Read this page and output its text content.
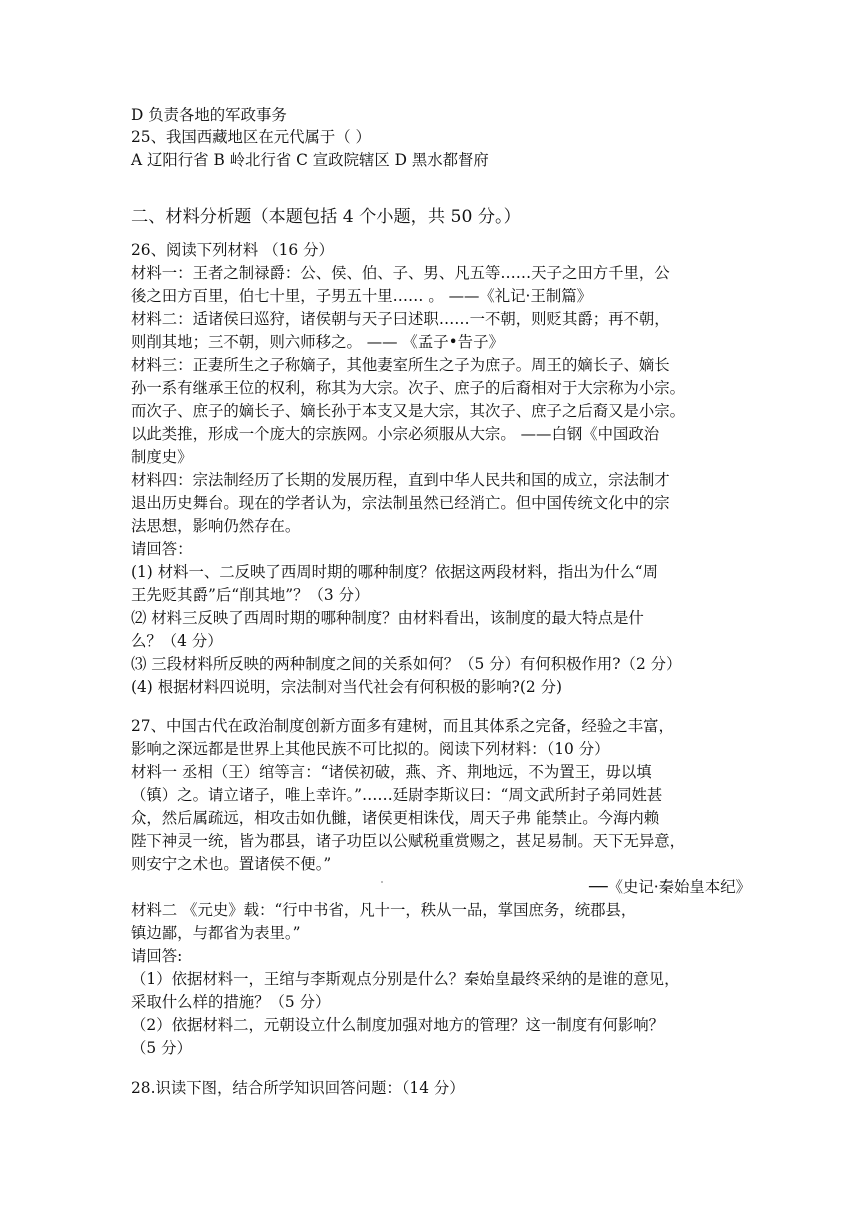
D 负责各地的军政事务
25、我国西藏地区在元代属于（ ）
A 辽阳行省 B 岭北行省 C 宣政院辖区 D 黑水都督府
二、材料分析题（本题包括 4 个小题，共 50 分。）
26、阅读下列材料 （16 分）
材料一：王者之制禄爵：公、侯、伯、子、男、凡五等……天子之田方千里，公
後之田方百里，伯七十里，子男五十里…… 。 ——《礼记·王制篇》
材料二：适诸侯曰巡狩，诸侯朝与天子曰述职……一不朝，则贬其爵；再不朝，
则削其地；三不朝，则六师移之。 —— 《孟子•告子》
材料三：正妻所生之子称嫡子，其他妻室所生之子为庶子。周王的嫡长子、嫡长
孙一系有继承王位的权利，称其为大宗。次子、庶子的后裔相对于大宗称为小宗。
而次子、庶子的嫡长子、嫡长孙于本支又是大宗，其次子、庶子之后裔又是小宗。
以此类推，形成一个庞大的宗族网。小宗必须服从大宗。 ——白钢《中国政治
制度史》
材料四：宗法制经历了长期的发展历程，直到中华人民共和国的成立，宗法制才
退出历史舞台。现在的学者认为，宗法制虽然已经消亡。但中国传统文化中的宗
法思想，影响仍然存在。
请回答：
(1) 材料一、二反映了西周时期的哪种制度？依据这两段材料，指出为什么“周
王先贬其爵”后“削其地”？（3 分）
⑵ 材料三反映了西周时期的哪种制度？由材料看出，该制度的最大特点是什
么？（4 分）
⑶ 三段材料所反映的两种制度之间的关系如何？（5 分）有何积极作用?（2 分）
(4) 根据材料四说明，宗法制对当代社会有何积极的影响?(2 分)
27、中国古代在政治制度创新方面多有建树，而且其体系之完备，经验之丰富，
影响之深远都是世界上其他民族不可比拟的。阅读下列材料：（10 分）
材料一 丞相（王）绾等言：“诸侯初破，燕、齐、荆地远，不为置王，毋以填
（镇）之。请立诸子，唯上幸许。”……廷尉李斯议曰：“周文武所封子弟同姓甚
众，然后属疏远，相攻击如仇雠，诸侯更相诛伐，周天子弗 能禁止。今海内赖
陛下神灵一统，皆为郡县，诸子功臣以公赋税重赏赐之，甚足易制。天下无异意，
则安宁之术也。置诸侯不便。”
──《史记·秦始皇本纪》
材料二 《元史》载：“行中书省，凡十一，秩从一品，掌国庶务，统郡县，
镇边鄙，与都省为表里。”
请回答:
（1）依据材料一，王绾与李斯观点分别是什么？秦始皇最终采纳的是谁的意见，
采取什么样的措施？（5 分）
（2）依据材料二，元朝设立什么制度加强对地方的管理？这一制度有何影响？
（5 分）
28.识读下图，结合所学知识回答问题：（14 分）
